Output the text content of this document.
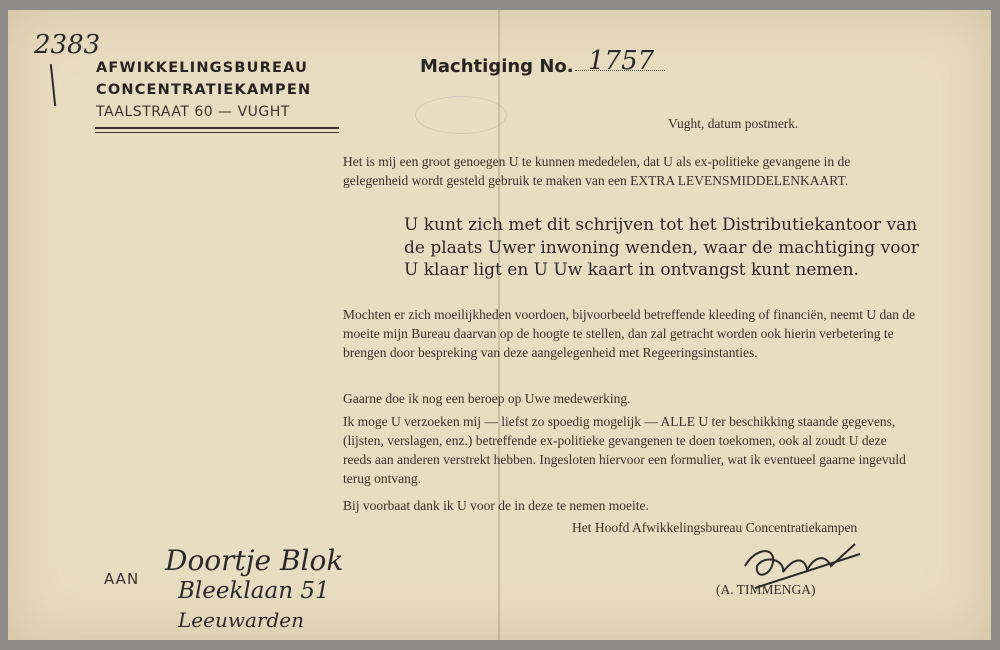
2383
AFWIKKELINGSBUREAU
CONCENTRATIEKAMPEN
TAALSTRAAT 60 — VUGHT
Machtiging No. 1757
Vught, datum postmerk.

Het is mij een groot genoegen U te kunnen mededelen, dat U als ex-politieke gevangene in de gelegenheid wordt gesteld gebruik te maken van een EXTRA LEVENSMIDDELENKAART.

U kunt zich met dit schrijven tot het Distributiekantoor van de plaats Uwer inwoning wenden, waar de machtiging voor U klaar ligt en U Uw kaart in ontvangst kunt nemen.

Mochten er zich moeilijkheden voordoen, bijvoorbeeld betreffende kleeding of financiën, neemt U dan de moeite mijn Bureau daarvan op de hoogte te stellen, dan zal getracht worden ook hierin verbetering te brengen door bespreking van deze aangelegenheid met Regeeringsinstanties.

Gaarne doe ik nog een beroep op Uwe medewerking.

Ik moge U verzoeken mij — liefst zo spoedig mogelijk — ALLE U ter beschikking staande gegevens, (lijsten, verslagen, enz.) betreffende ex-politieke gevangenen te doen toekomen, ook al zoudt U deze reeds aan anderen verstrekt hebben. Ingesloten hiervoor een formulier, wat ik eventueel gaarne ingevuld terug ontvang.

Bij voorbaat dank ik U voor de in deze te nemen moeite.

Het Hoofd Afwikkelingsbureau Concentratiekampen
(A. TIMMENGA)
AAN
Doortje Blok
Bleeklaan 51
Leeuwarden
